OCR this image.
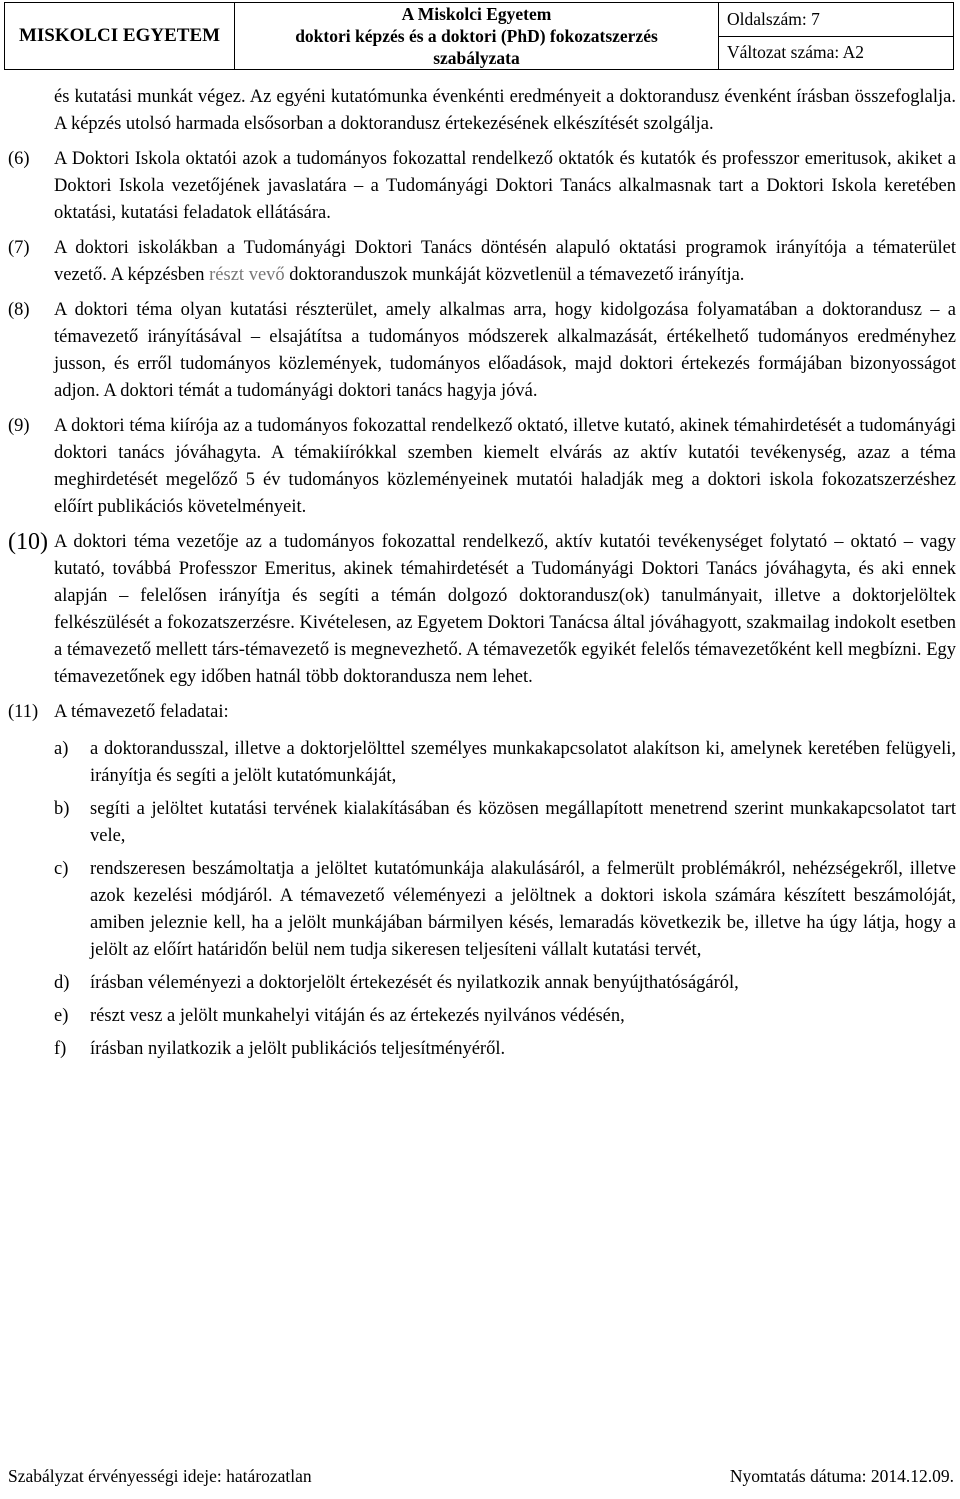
MISKOLCI EGYETEM
A Miskolci Egyetem
doktori képzés és a doktori (PhD) fokozatszerzés
szabályzata
Oldalszám: 7
Változat száma: A2
és kutatási munkát végez. Az egyéni kutatómunka évenkénti eredményeit a doktorandusz évenként írásban összefoglalja. A képzés utolsó harmada elsősorban a doktorandusz értekezésének elkészítését szolgálja.
(6)	A Doktori Iskola oktatói azok a tudományos fokozattal rendelkező oktatók és kutatók és professzor emeritusok, akiket a Doktori Iskola vezetőjének javaslatára – a Tudományági Doktori Tanács alkalmasnak tart a Doktori Iskola keretében oktatási, kutatási feladatok ellátására.
(7)	A doktori iskolákban a Tudományági Doktori Tanács döntésén alapuló oktatási programok irányítója a tématerület vezető. A képzésben részt vevő doktoranduszok munkáját közvetlenül a témavezető irányítja.
(8)	A doktori téma olyan kutatási részterület, amely alkalmas arra, hogy kidolgozása folyamatában a doktorandusz – a témavezető irányításával – elsajátítsa a tudományos módszerek alkalmazását, értékelhető tudományos eredményhez jusson, és erről tudományos közlemények, tudományos előadások, majd doktori értekezés formájában bizonyosságot adjon. A doktori témát a tudományági doktori tanács hagyja jóvá.
(9)	A doktori téma kiírója az a tudományos fokozattal rendelkező oktató, illetve kutató, akinek témahirdetését a tudományági doktori tanács jóváhagyta. A témakiírókkal szemben kiemelt elvárás az aktív kutatói tevékenység, azaz a téma meghirdetését megelőző 5 év tudományos közleményeinek mutatói haladják meg a doktori iskola fokozatszerzéshez előírt publikációs követelményeit.
(10) A doktori téma vezetője az a tudományos fokozattal rendelkező, aktív kutatói tevékenységet folytató – oktató – vagy kutató, továbbá Professzor Emeritus, akinek témahirdetését a Tudományági Doktori Tanács jóváhagyta, és aki ennek alapján – felelősen irányítja és segíti a témán dolgozó doktorandusz(ok) tanulmányait, illetve a doktorjelöltek felkészülését a fokozatszerzésre. Kivételesen, az Egyetem Doktori Tanácsa által jóváhagyott, szakmailag indokolt esetben a témavezető mellett társ-témavezető is megnevezhető. A témavezetők egyikét felelős témavezetőként kell megbízni. Egy témavezetőnek egy időben hatnál több doktorandusza nem lehet.
(11) A témavezető feladatai:
a)	a doktorandusszal, illetve a doktorjelölttel személyes munkakapcsolatot alakítson ki, amelynek keretében felügyeli, irányítja és segíti a jelölt kutatómunkáját,
b)	segíti a jelöltet kutatási tervének kialakításában és közösen megállapított menetrend szerint munkakapcsolatot tart vele,
c)	rendszeresen beszámoltatja a jelöltet kutatómunkája alakulásáról, a felmerült problémákról, nehézségekről, illetve azok kezelési módjáról. A témavezető véleményezi a jelöltnek a doktori iskola számára készített beszámolóját, amiben jeleznie kell, ha a jelölt munkájában bármilyen késés, lemaradás következik be, illetve ha úgy látja, hogy a jelölt az előírt határidőn belül nem tudja sikeresen teljesíteni vállalt kutatási tervét,
d)	írásban véleményezi a doktorjelölt értekezését és nyilatkozik annak benyújthatóságáról,
e)	részt vesz a jelölt munkahelyi vitáján és az értekezés nyilvános védésén,
f)	írásban nyilatkozik a jelölt publikációs teljesítményéről.
Szabályzat érvényességi ideje: határozatlan	Nyomtatás dátuma: 2014.12.09.
